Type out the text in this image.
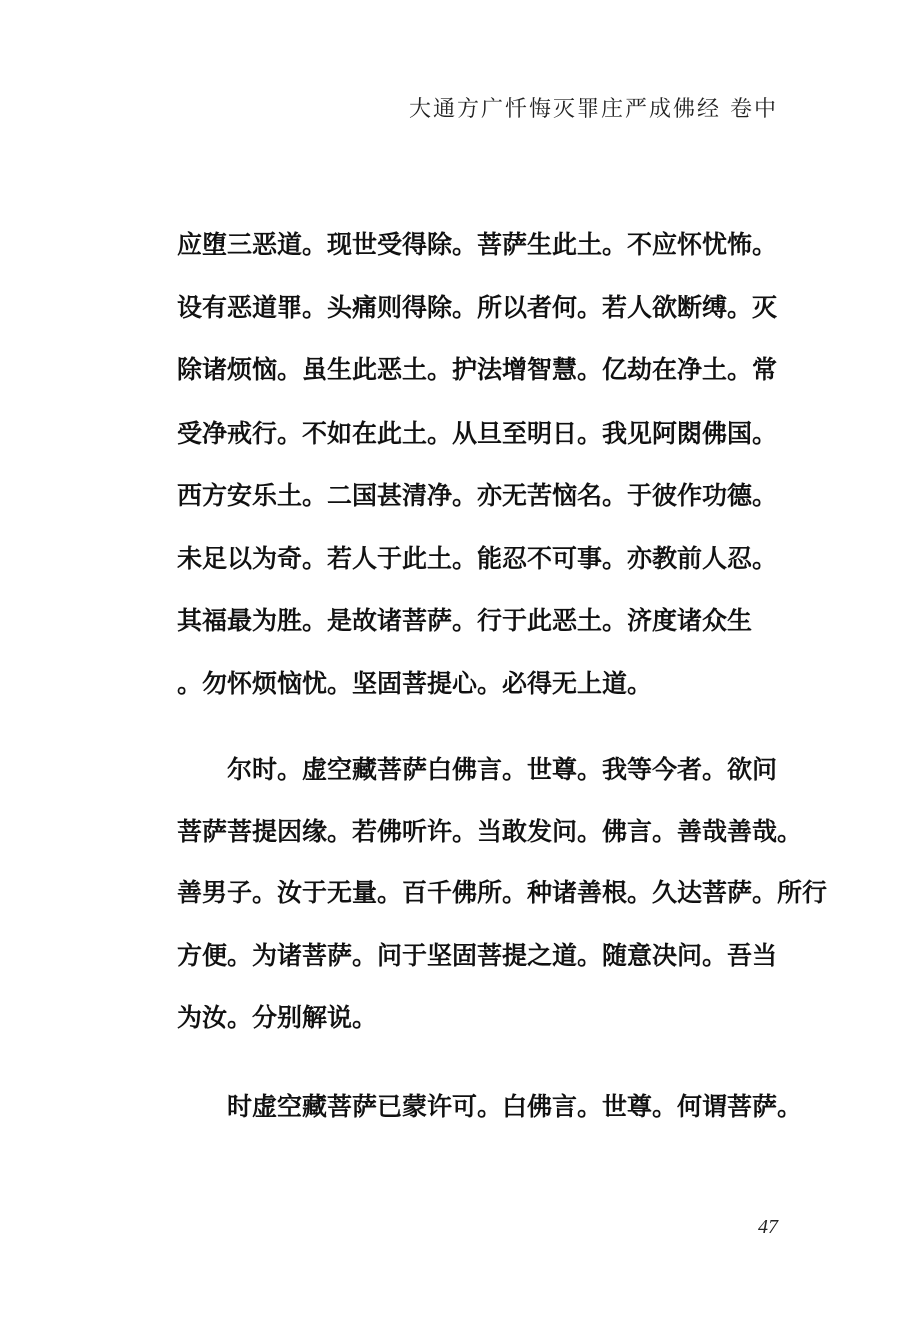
大通方广忏悔灭罪庄严成佛经 卷中
应堕三恶道。现世受得除。菩萨生此土。不应怀忧怖。
设有恶道罪。头痛则得除。所以者何。若人欲断缚。灭
除诸烦恼。虽生此恶土。护法增智慧。亿劫在净土。常
受净戒行。不如在此土。从旦至明日。我见阿閦佛国。
西方安乐土。二国甚清净。亦无苦恼名。于彼作功德。
未足以为奇。若人于此土。能忍不可事。亦教前人忍。
其福最为胜。是故诸菩萨。行于此恶土。济度诸众生
。勿怀烦恼忧。坚固菩提心。必得无上道。
尔时。虚空藏菩萨白佛言。世尊。我等今者。欲问
菩萨菩提因缘。若佛听许。当敢发问。佛言。善哉善哉。
善男子。汝于无量。百千佛所。种诸善根。久达菩萨。所行
方便。为诸菩萨。问于坚固菩提之道。随意决问。吾当
为汝。分别解说。
时虚空藏菩萨已蒙许可。白佛言。世尊。何谓菩萨。
47
